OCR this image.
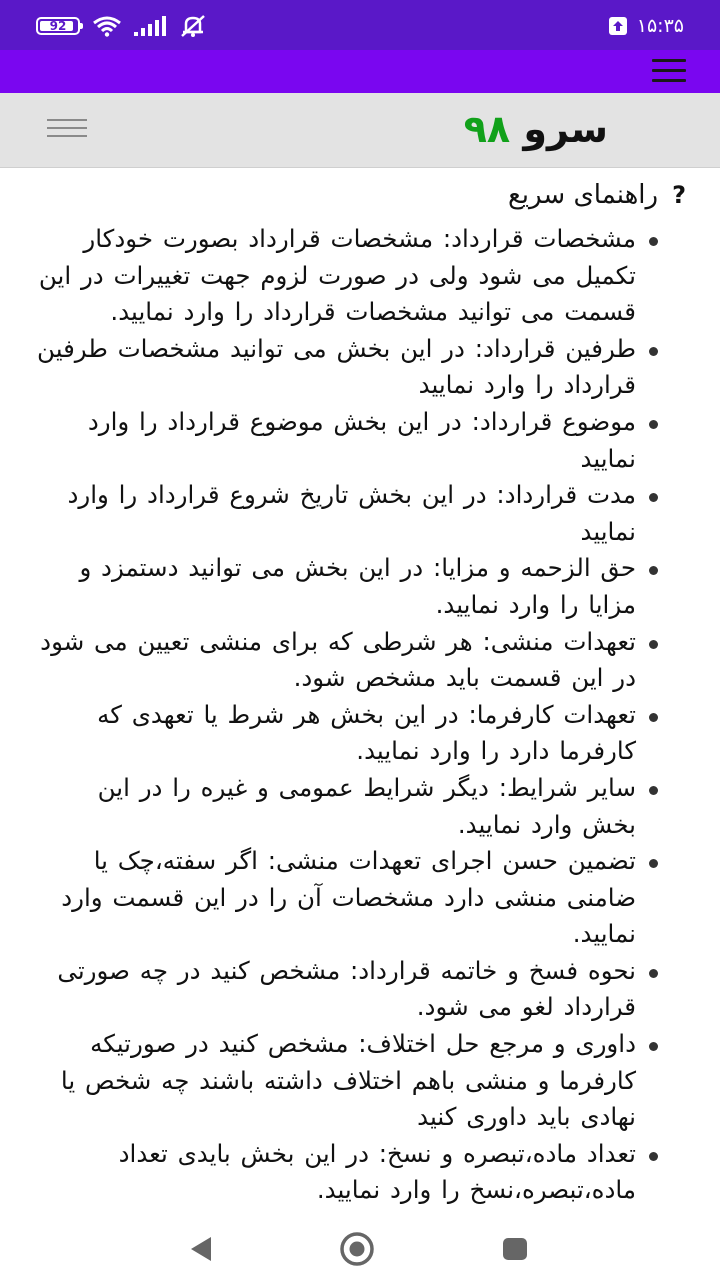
92	۱۵:۳۵
سرو ۹۸
?
راهنمای سریع
مشخصات قرارداد: مشخصات قرارداد بصورت خودکار تکمیل می شود ولی در صورت لزوم جهت تغییرات در این قسمت می توانید مشخصات قرارداد را وارد نمایید.
طرفین قرارداد: در این بخش می توانید مشخصات طرفین قرارداد را وارد نمایید
موضوع قرارداد: در این بخش موضوع قرارداد را وارد نمایید
مدت قرارداد: در این بخش تاریخ شروع قرارداد را وارد نمایید
حق الزحمه و مزایا: در این بخش می توانید دستمزد و مزایا را وارد نمایید.
تعهدات منشی: هر شرطی که برای منشی تعیین می شود در این قسمت باید مشخص شود.
تعهدات کارفرما: در این بخش هر شرط یا تعهدی که کارفرما دارد را وارد نمایید.
سایر شرایط: دیگر شرایط عمومی و غیره را در این بخش وارد نمایید.
تضمین حسن اجرای تعهدات منشی: اگر سفته،چک یا ضامنی منشی دارد مشخصات آن را در این قسمت وارد نمایید.
نحوه فسخ و خاتمه قرارداد: مشخص کنید در چه صورتی قرارداد لغو می شود.
داوری و مرجع حل اختلاف: مشخص کنید در صورتیکه کارفرما و منشی باهم اختلاف داشته باشند چه شخص یا نهادی باید داوری کنید
تعداد ماده،تبصره و نسخ: در این بخش بایدی تعداد ماده،تبصره،نسخ را وارد نمایید.
